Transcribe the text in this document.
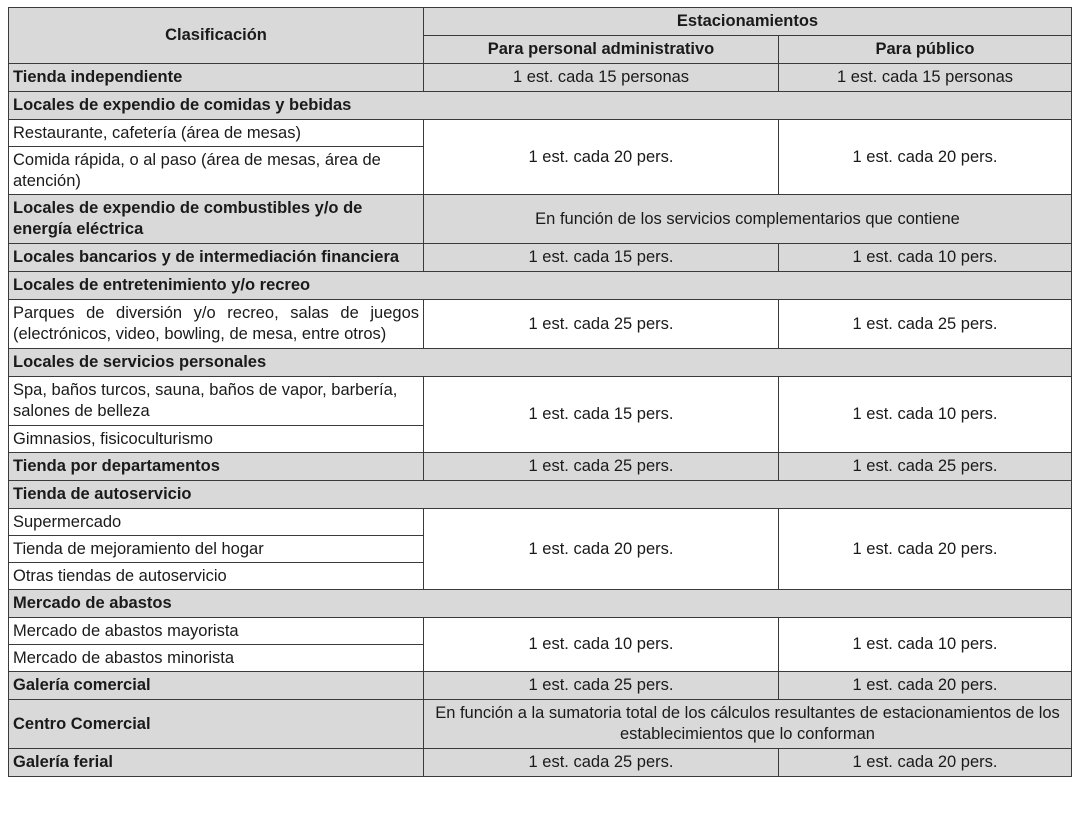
Clasificación	Estacionamientos	
	Para personal administrativo	Para público
Tienda independiente	1 est. cada 15 personas	1 est. cada 15 personas
Locales de expendio de comidas y bebidas		
Restaurante, cafetería (área de mesas)	1 est. cada 20 pers.	1 est. cada 20 pers.
Comida rápida, o al paso (área de mesas, área de atención)		
Locales de expendio de combustibles y/o de energía eléctrica	En función de los servicios complementarios que contiene	
Locales bancarios y de intermediación financiera	1 est. cada 15 pers.	1 est. cada 10 pers.
Locales de entretenimiento y/o recreo		
Parques de diversión y/o recreo, salas de juegos (electrónicos, video, bowling, de mesa, entre otros)	1 est. cada 25 pers.	1 est. cada 25 pers.
Locales de servicios personales		
Spa, baños turcos, sauna, baños de vapor, barbería, salones de belleza	1 est. cada 15 pers.	1 est. cada 10 pers.
Gimnasios, fisicoculturismo		
Tienda por departamentos	1 est. cada 25 pers.	1 est. cada 25 pers.
Tienda de autoservicio		
Supermercado	1 est. cada 20 pers.	1 est. cada 20 pers.
Tienda de mejoramiento del hogar		
Otras tiendas de autoservicio		
Mercado de abastos		
Mercado de abastos mayorista	1 est. cada 10 pers.	1 est. cada 10 pers.
Mercado de abastos minorista		
Galería comercial	1 est. cada 25 pers.	1 est. cada 20 pers.
Centro Comercial	En función a la sumatoria total de los cálculos resultantes de estacionamientos de los establecimientos que lo conforman	
Galería ferial	1 est. cada 25 pers.	1 est. cada 20 pers.
